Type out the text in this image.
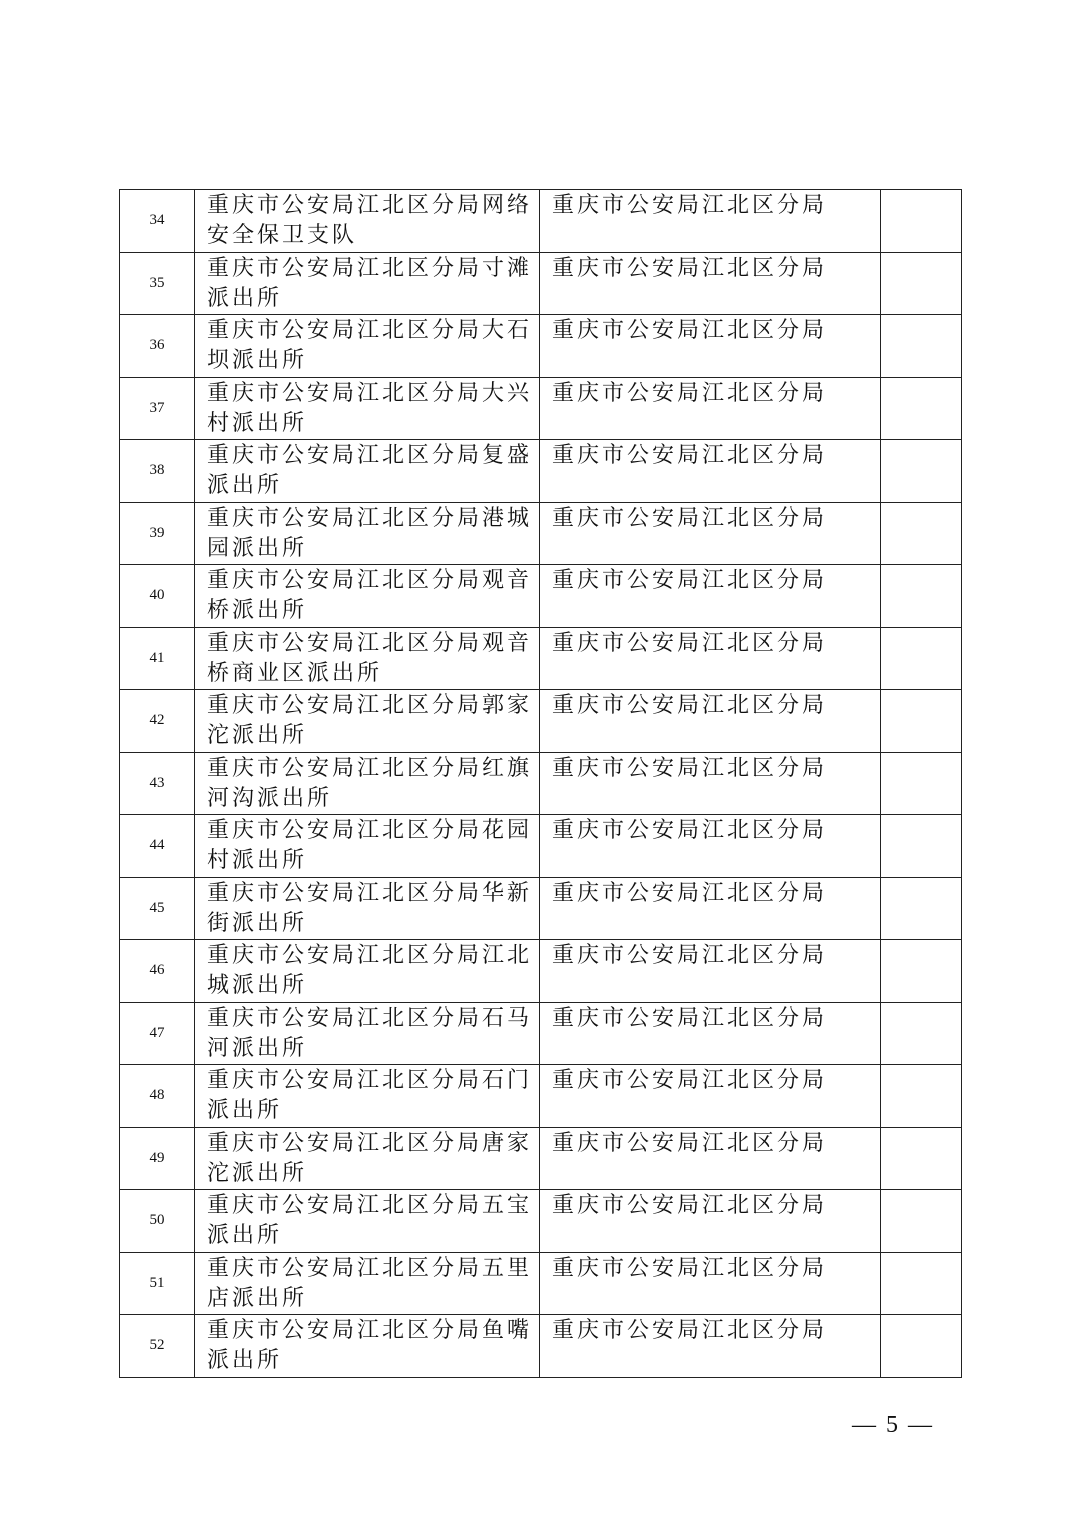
34	重庆市公安局江北区分局网络安全保卫支队	重庆市公安局江北区分局	
35	重庆市公安局江北区分局寸滩派出所	重庆市公安局江北区分局	
36	重庆市公安局江北区分局大石坝派出所	重庆市公安局江北区分局	
37	重庆市公安局江北区分局大兴村派出所	重庆市公安局江北区分局	
38	重庆市公安局江北区分局复盛派出所	重庆市公安局江北区分局	
39	重庆市公安局江北区分局港城园派出所	重庆市公安局江北区分局	
40	重庆市公安局江北区分局观音桥派出所	重庆市公安局江北区分局	
41	重庆市公安局江北区分局观音桥商业区派出所	重庆市公安局江北区分局	
42	重庆市公安局江北区分局郭家沱派出所	重庆市公安局江北区分局	
43	重庆市公安局江北区分局红旗河沟派出所	重庆市公安局江北区分局	
44	重庆市公安局江北区分局花园村派出所	重庆市公安局江北区分局	
45	重庆市公安局江北区分局华新街派出所	重庆市公安局江北区分局	
46	重庆市公安局江北区分局江北城派出所	重庆市公安局江北区分局	
47	重庆市公安局江北区分局石马河派出所	重庆市公安局江北区分局	
48	重庆市公安局江北区分局石门派出所	重庆市公安局江北区分局	
49	重庆市公安局江北区分局唐家沱派出所	重庆市公安局江北区分局	
50	重庆市公安局江北区分局五宝派出所	重庆市公安局江北区分局	
51	重庆市公安局江北区分局五里店派出所	重庆市公安局江北区分局	
52	重庆市公安局江北区分局鱼嘴派出所	重庆市公安局江北区分局	
— 5 —
